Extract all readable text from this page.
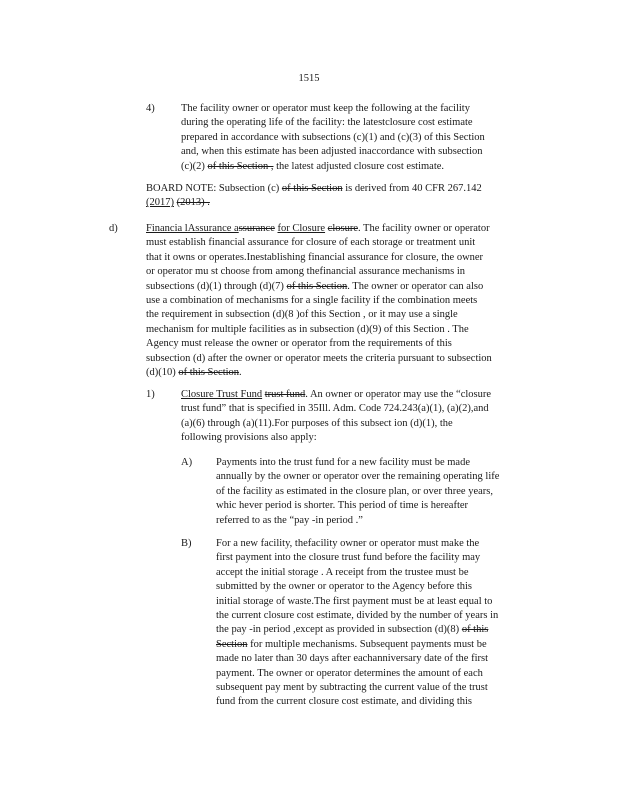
1515
4)	The facility owner or operator must keep the following at the facility

during the operating life of the facility: the latestclosure cost estimate

prepared in accordance with subsections (c)(1) and (c)(3) of this Section

and, when this estimate has been adjusted inaccordance with subsection

(c)(2) of this Section , the latest adjusted closure cost estimate.

BOARD NOTE: Subsection (c) of this Section is derived from 40 CFR 267.142

(2017) (2013) .

d)	Financia lAssurance assurance for Closure closure. The facility owner or operator

must establish financial assurance for closure of each storage or treatment unit

that it owns or operates.Inestablishing financial assurance for closure, the owner

or operator mu st choose from among thefinancial assurance mechanisms in

subsections (d)(1) through (d)(7) of this Section. The owner or operator can also

use a combination of mechanisms for a single facility if the combination meets

the requirement in subsection (d)(8 )of this Section , or it may use a single

mechanism for multiple facilities as in subsection (d)(9) of this Section . The

Agency must release the owner or operator from the requirements of this

subsection (d) after the owner or operator meets the criteria pursuant to subsection

(d)(10) of this Section.

1)	Closure Trust Fund trust fund. An owner or operator may use the “closure

trust fund” that is specified in 35Ill. Adm. Code 724.243(a)(1), (a)(2),and

(a)(6) through (a)(11).For purposes of this subsect ion (d)(1), the

following provisions also apply:

A) Payments into the trust fund for a new facility must be made

annually by the owner or operator over the remaining operating life

of the facility as estimated in the closure plan, or over three years,

whic hever period is shorter. This period of time is hereafter

referred to as the “pay -in period .”

B) For a new facility, thefacility owner or operator must make the

first payment into the closure trust fund before the facility may

accept the initial storage . A receipt from the trustee must be

submitted by the owner or operator to the Agency before this

initial storage of waste.The first payment must be at least equal to

the current closure cost estimate, divided by the number of years in

the pay -in period ,except as provided in subsection (d)(8) of this

Section for multiple mechanisms. Subsequent payments must be

made no later than 30 days after eachanniversary date of the first

payment. The owner or operator determines the amount of each

subsequent pay ment by subtracting the current value of the trust

fund from the current closure cost estimate, and dividing this
